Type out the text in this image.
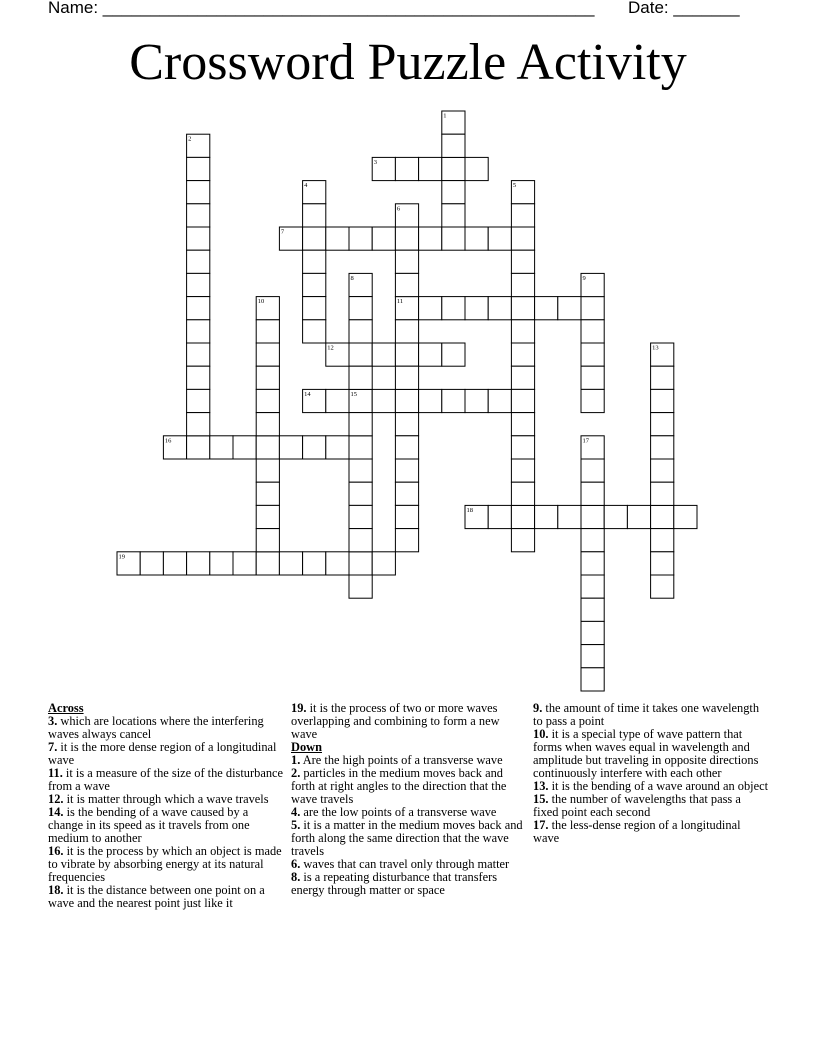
Name: ____________________________________________________ Date: _______
Crossword Puzzle Activity
3
7
11
12
14
16
18
19
1
2
4	5
6
8	9
10
13
15
17

Across

3. which are locations where the interfering waves always cancel
7. it is the more dense region of a longitudinal wave
11. it is a measure of the size of the disturbance from a wave
12. it is matter through which a wave travels
14. is the bending of a wave caused by a change in its speed as it travels from one medium to another
16. it is the process by which an object is made to vibrate by absorbing energy at its natural frequencies
18. it is the distance between one point on a wave and the nearest point just like it
19. it is the process of two or more waves overlapping and combining to form a new wave

Down

1. Are the high points of a transverse wave
2. particles in the medium moves back and forth at right angles to the direction that the wave travels
4. are the low points of a transverse wave
5. it is a matter in the medium moves back and forth along the same direction that the wave travels
6. waves that can travel only through matter
8. is a repeating disturbance that transfers energy through matter or space
9. the amount of time it takes one wavelength to pass a point
10. it is a special type of wave pattern that forms when waves equal in wavelength and amplitude but traveling in opposite directions continuously interfere with each other
13. it is the bending of a wave around an object
15. the number of wavelengths that pass a fixed point each second
17. the less-dense region of a longitudinal wave
